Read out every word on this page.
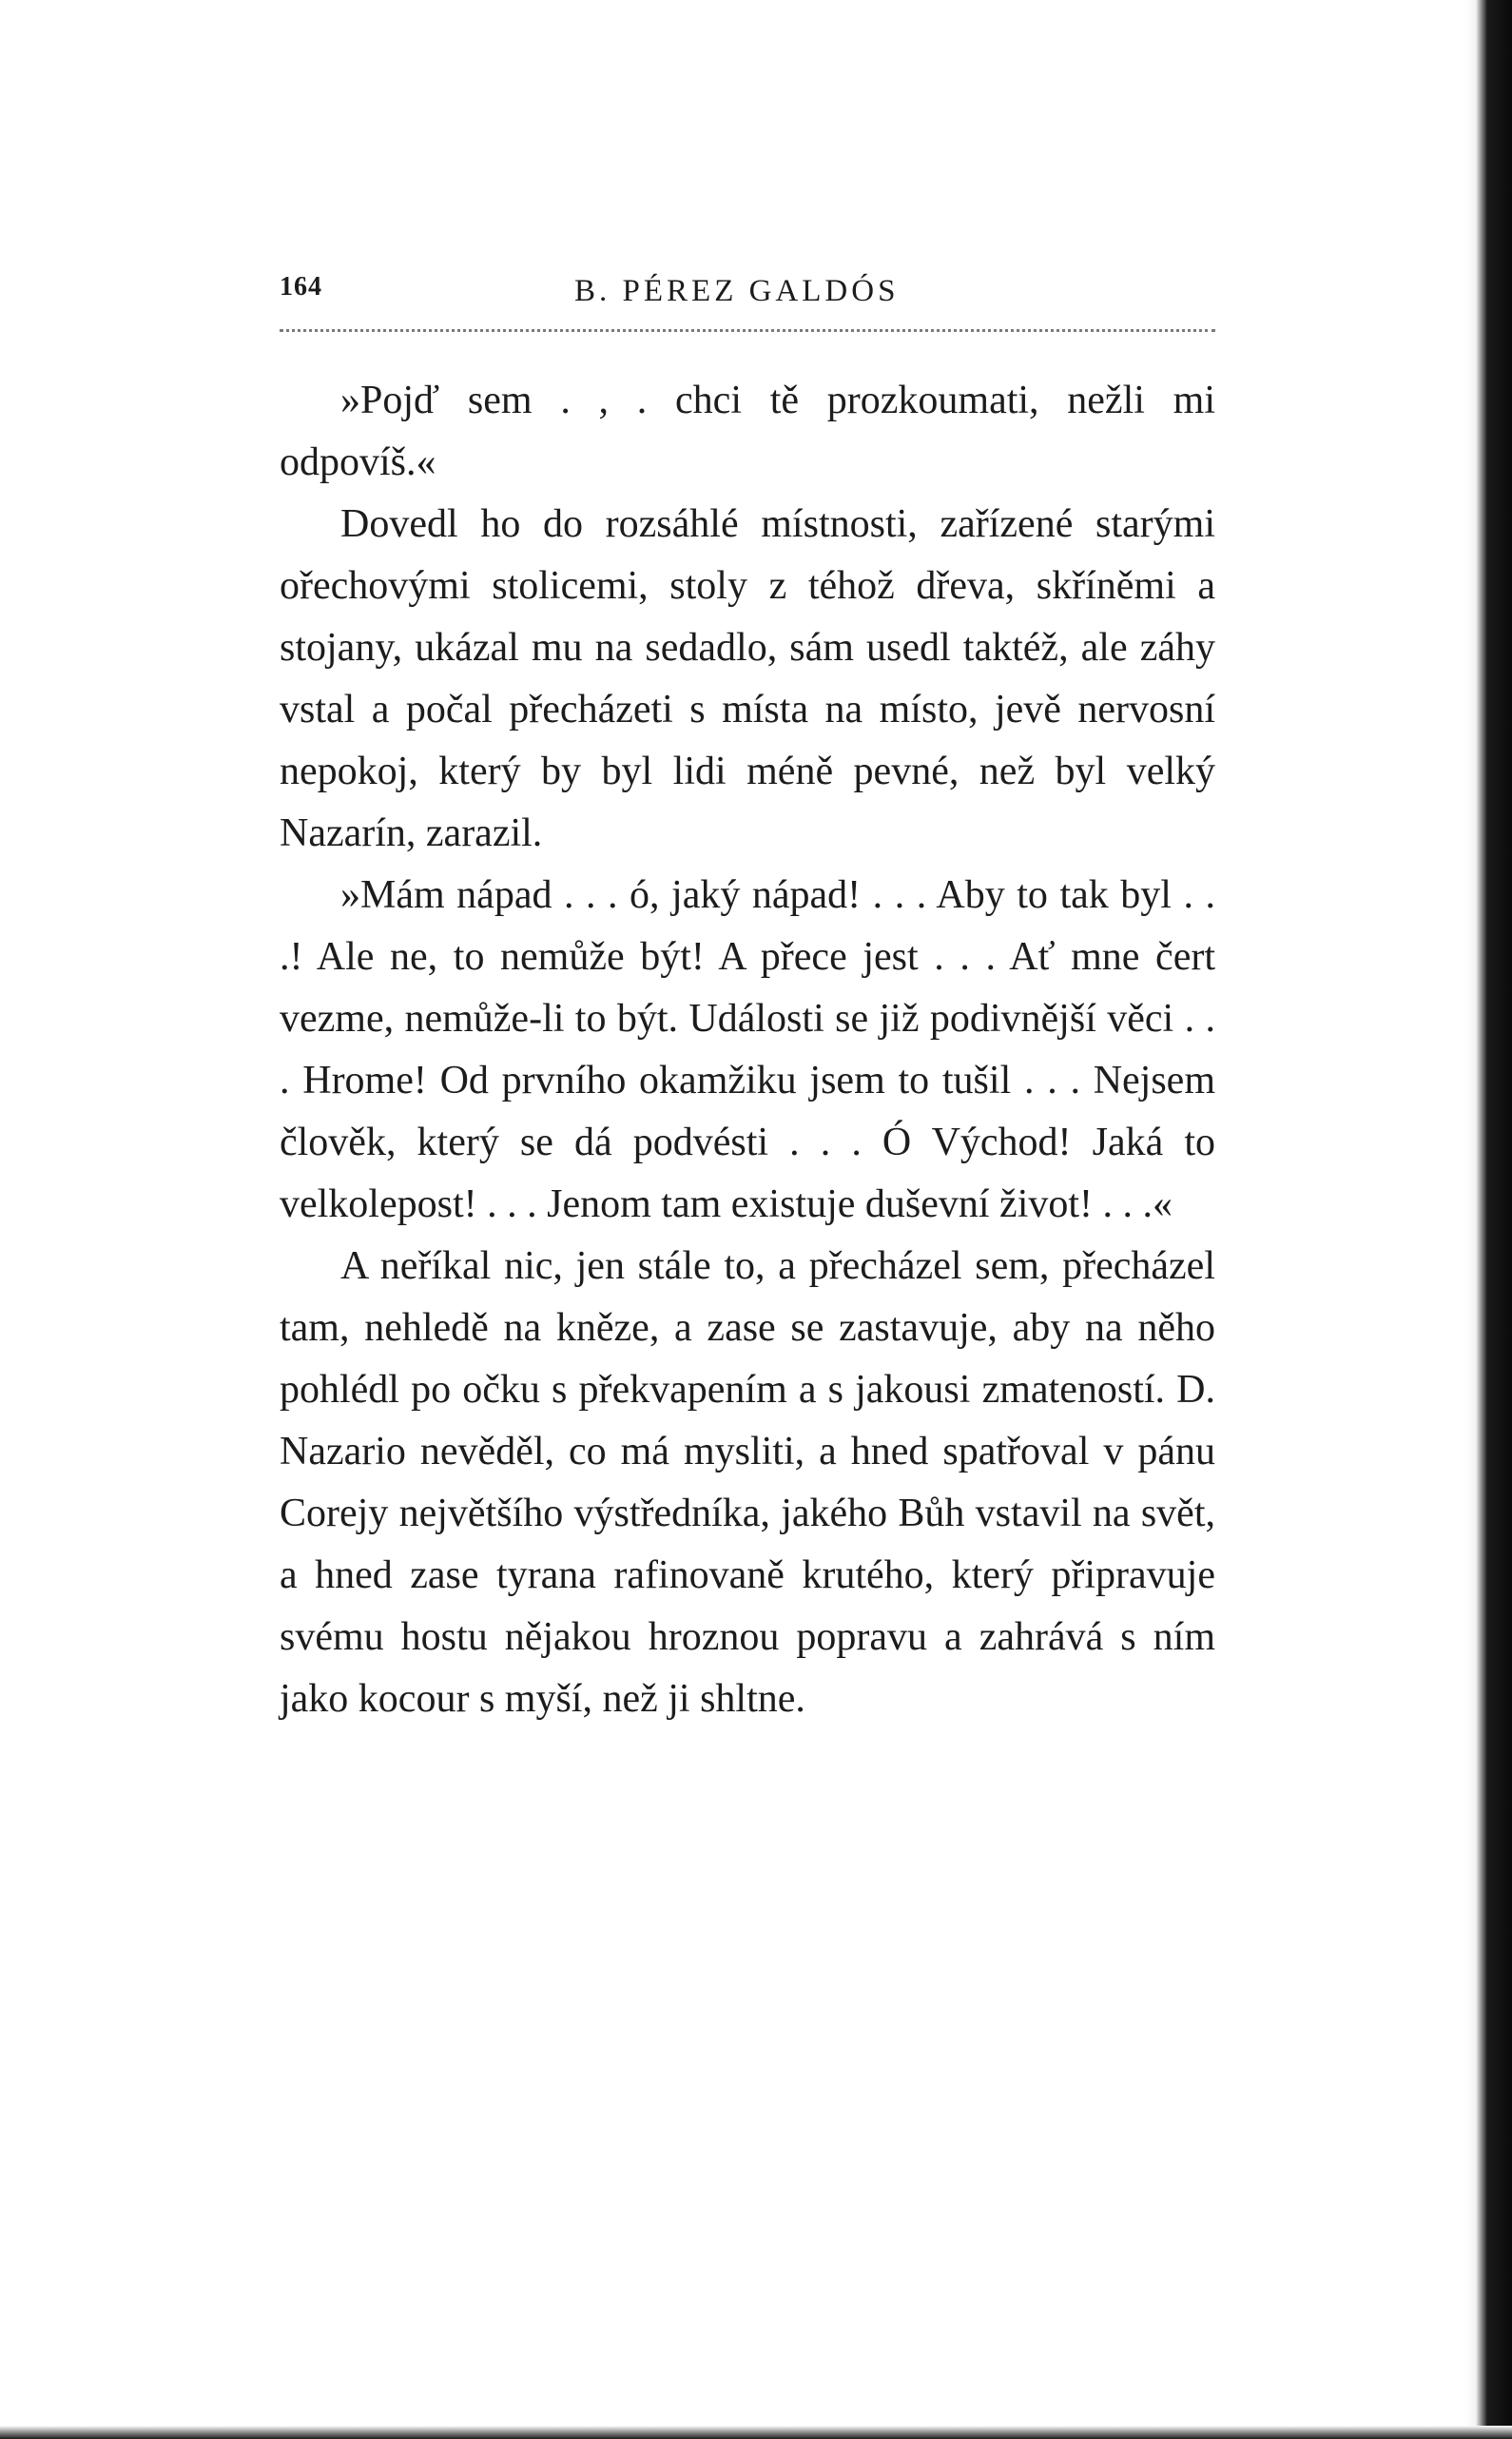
164	B. PÉREZ GALDÓS

»Pojď sem . , . chci tě prozkoumati, nežli mi odpovíš.«

Dovedl ho do rozsáhlé místnosti, zařízené starými ořechovými stolicemi, stoly z téhož dřeva, skříněmi a stojany, ukázal mu na sedadlo, sám usedl taktéž, ale záhy vstal a počal přecházeti s místa na místo, jevě nervosní nepokoj, který by byl lidi méně pevné, než byl velký Nazarín, zarazil.

»Mám nápad . . . ó, jaký nápad! . . . Aby to tak byl . . .! Ale ne, to nemůže být! A přece jest . . . Ať mne čert vezme, nemůže-li to být. Události se již podivnější věci . . . Hrome! Od prvního okamžiku jsem to tušil . . . Nejsem člověk, který se dá podvésti . . . Ó Východ! Jaká to velkolepost! . . . Jenom tam existuje duševní život! . . .«

A neříkal nic, jen stále to, a přecházel sem, přecházel tam, nehledě na kněze, a zase se zastavuje, aby na něho pohlédl po očku s překvapením a s jakousi zmateností. D. Nazario nevěděl, co má mysliti, a hned spatřoval v pánu Corejy největšího výstředníka, jakého Bůh vstavil na svět, a hned zase tyrana rafinovaně krutého, který připravuje svému hostu nějakou hroznou popravu a zahrává s ním jako kocour s myší, než ji shltne.
